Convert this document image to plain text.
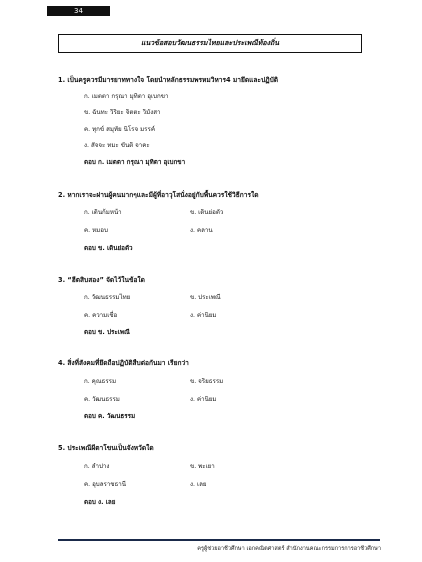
34
แนวข้อสอบวัฒนธรรมไทยและประเพณีท้องถิ่น
1. เป็นครูควรมีมารยาททางใจ โดยนำหลักธรรมพรหมวิหาร4 มายึดและปฏิบัติ
ก. เมตตา กรุณา มุทิตา อุเบกขา
ข. ฉันทะ วิริยะ จิตตะ วิมังสา
ค. ทุกข์ สมุทัย นิโรจ มรรค์
ง. สัจจะ ทมะ ขันติ จาคะ
ตอบ ก. เมตตา กรุณา มุทิตา อุเบกขา
2. หากเราจะผ่านผู้คนมากๆและมีผู้ที่อาวุโสนั่งอยู่กับพื้นควรใช้วิธีการใด
ก. เดินก้มหน้า	ข. เดินย่อตัว
ค. หมอบ	ง. คลาน
ตอบ ข. เดินย่อตัว
3. “ฮีตสิบสอง” จัดไว้ในข้อใด
ก. วัฒนธรรมไทย	ข. ประเพณี
ค. ความเชื่อ	ง. ค่านิยม
ตอบ ข. ประเพณี
4. สิ่งที่สังคมที่ยึดถือปฏิบัติสืบต่อกันมา เรียกว่า
ก. คุณธรรม	ข. จริยธรรม
ค. วัฒนธรรม	ง. ค่านิยม
ตอบ ค. วัฒนธรรม
5. ประเพณีผีตาโขนเป็นจังหวัดใด
ก. ลำปาง	ข. พะเยา
ค. อุบลราชธานี	ง. เลย
ตอบ ง. เลย
ครูผู้ช่วยอาชีวศึกษา เอกคณิตศาสตร์ สำนักงานคณะกรรมการการอาชีวศึกษา
